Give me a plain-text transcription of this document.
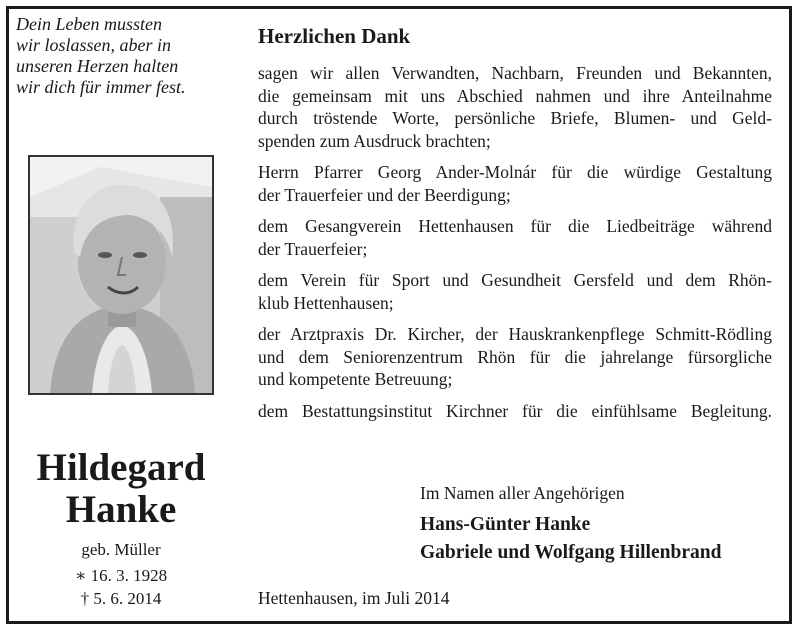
Dein Leben mussten
wir loslassen, aber in
unseren Herzen halten
wir dich für immer fest.

Hildegard
Hanke
geb. Müller
∗ 16. 3. 1928
† 5. 6. 2014

Herzlichen Dank

sagen wir allen Verwandten, Nachbarn, Freunden und Bekannten,
die gemeinsam mit uns Abschied nahmen und ihre Anteilnahme
durch tröstende Worte, persönliche Briefe, Blumen- und Geld-
spenden zum Ausdruck brachten;

Herrn Pfarrer Georg Ander-Molnár für die würdige Gestaltung
der Trauerfeier und der Beerdigung;

dem Gesangverein Hettenhausen für die Liedbeiträge während
der Trauerfeier;

dem Verein für Sport und Gesundheit Gersfeld und dem Rhön-
klub Hettenhausen;

der Arztpraxis Dr. Kircher, der Hauskrankenpflege Schmitt-Rödling
und dem Seniorenzentrum Rhön für die jahrelange fürsorgliche
und kompetente Betreuung;

dem Bestattungsinstitut Kirchner für die einfühlsame Begleitung.

Im Namen aller Angehörigen
Hans-Günter Hanke
Gabriele und Wolfgang Hillenbrand
Hettenhausen, im Juli 2014
